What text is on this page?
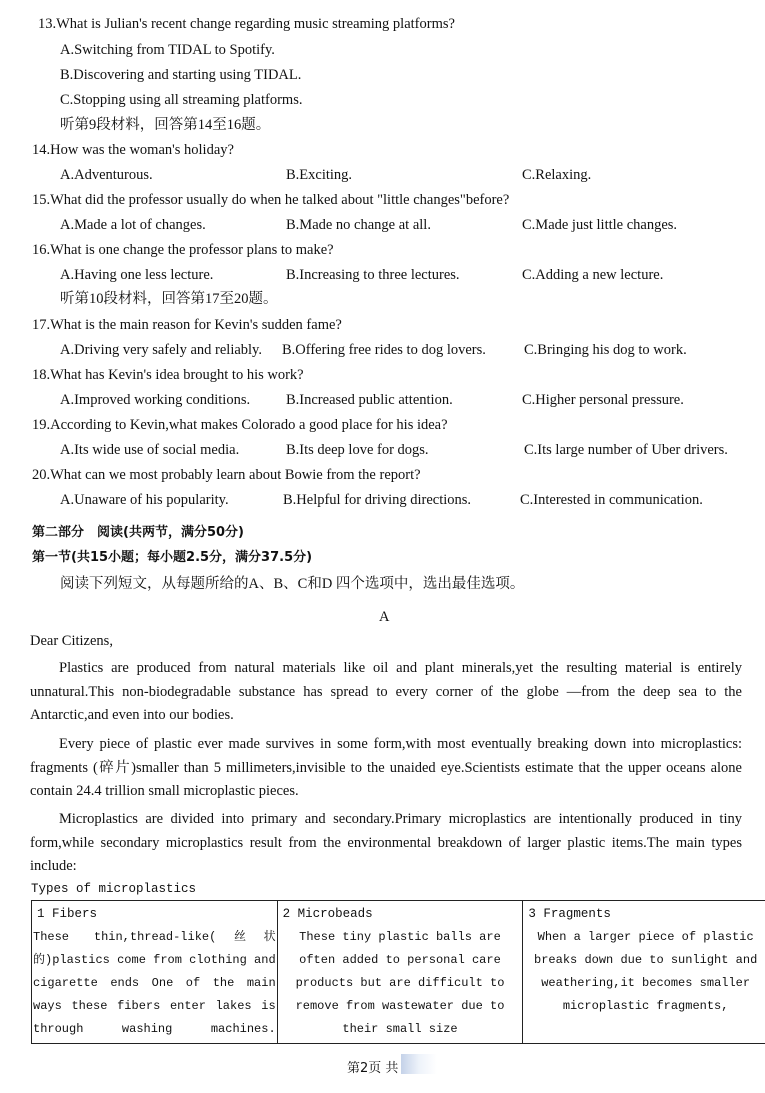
13.What is Julian's recent change regarding music streaming platforms?
A.Switching from TIDAL to Spotify.
B.Discovering and starting using TIDAL.
C.Stopping using all streaming platforms.
听第9段材料，回答第14至16题。
14.How was the woman's holiday?
A.Adventurous.	B.Exciting.	C.Relaxing.
15.What did the professor usually do when he talked about "little changes"before?
A.Made a lot of changes.	B.Made no change at all.	C.Made just little changes.
16.What is one change the professor plans to make?
A.Having one less lecture.	B.Increasing to three lectures.	C.Adding a new lecture.
17.What is the main reason for Kevin's sudden fame?
A.Driving very safely and reliably. B.Offering free rides to dog lovers.	C.Bringing his dog to work.
18.What has Kevin's idea brought to his work?
A.Improved working conditions. B.Increased public attention.	C.Higher personal pressure.
19.According to Kevin,what makes Colorado a good place for his idea?
A.Its wide use of social media.	B.Its deep love for dogs.	C.Its large number of Uber drivers.
20.What can we most probably learn about Bowie from the report?
A.Unaware of his popularity.	B.Helpful for driving directions.	C.Interested in communication.
听第10段材料，回答第17至20题。
第二部分　阅读(共两节，满分50分)
第一节(共15小题；每小题2.5分，满分37.5分)
阅读下列短文，从每题所给的A、B、C和D 四个选项中，选出最佳选项。
A
Dear Citizens,
Plastics are produced from natural materials like oil and plant minerals,yet the resulting material is entirely unnatural.This non-biodegradable substance has spread to every corner of the globe —from the deep sea to the Antarctic,and even into our bodies.
Every piece of plastic ever made survives in some form,with most eventually breaking down into microplastics: fragments (碎片)smaller than 5 millimeters,invisible to the unaided eye.Scientists estimate that the upper oceans alone contain 24.4 trillion small microplastic pieces.
Microplastics are divided into primary and secondary.Primary microplastics are intentionally produced in tiny form,while secondary microplastics result from the environmental breakdown of larger plastic items.The main types include:
Types of microplastics
1 Fibers
These thin,thread-like(丝状的)plastics come from clothing and cigarette ends One of the main ways these fibers enter lakes is through washing machines.

2 Microbeads
These tiny plastic balls are often added to personal care products but are difficult to remove from wastewater due to their small size

3 Fragments
When a larger piece of plastic breaks down due to sunlight and weathering,it becomes smaller microplastic fragments,
第2页 共
